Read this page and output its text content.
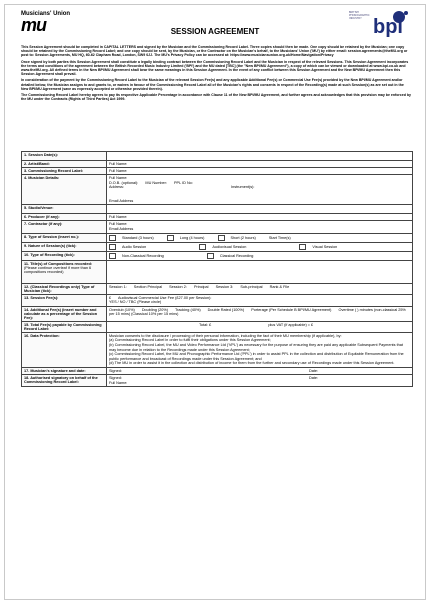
Musicians' Union
mu	SESSION AGREEMENT
BRITISH PHONOGRAPHIC INDUSTRY bpi

This Session Agreement should be completed in CAPITAL LETTERS and signed by the Musician and the Commissioning Record Label. Three copies should then be made. One copy should be retained by the Musician; one copy should be retained by the Commissioning Record Label; and one copy should be sent, by the Musician, or the Contractor on the Musician's behalf, to the Musicians' Union ('MU') by either email: session.agreements@theMU.org or post to: Session Agreements, MU HQ, 60-62 Clapham Road, London, SW9 0JJ. The MU's Privacy Policy can be accessed at: https://www.musiciansunion.org.uk/Home/Navigation/Privacy

Once signed by both parties this Session Agreement shall constitute a legally binding contract between the Commissioning Record Label and the Musician in respect of the relevant Sessions. This Session Agreement incorporates the terms and conditions of the agreement between the British Recorded Music Industry Limited ('BPI') and the MU dated [TBC] (the "New BPI/MU Agreement"), a copy of which can be viewed or downloaded at www.bpi.co.uk and www.theMU.org. All defined terms in the New BPI/MU Agreement shall bear the same meanings in this Session Agreement. In the event of any conflict between this Session Agreement and the New BPI/MU Agreement then this Session Agreement shall prevail.

In consideration of the payment by the Commissioning Record Label to the Musician of the relevant Session Fee(s) and any applicable Additional Fee(s) or Commercial Use Fee(s) provided by the New BPI/MU Agreement and/or detailed below, the Musician assigns to and grants to, or waives in favour of the Commissioning Record Label all of the Musician's rights and consents in respect of the Recording(s) made at such Session(s) as are set out in the New BPI/MU Agreement (save as expressly accepted or otherwise provided therein).

The Commissioning Record Label hereby agrees to pay its respective Applicable Percentage in accordance with Clause 11 of the New BPI/MU Agreement, and further agrees and acknowledges that this provision may be enforced by the MU under the Contracts (Rights of Third Parties) Act 1999.

1. Session Date(s):	
2. Artist/Band:	Full Name:
3. Commissioning Record Label:	Full Name:
4. Musician Details:	Full Name:
D.O.B. (optional): MU Number: PPL ID No:
Address: Instrument(s):
Email Address

5. Studio/Venue:	
6. Producer (if any):	Full Name:
7. Contractor (if any):	Full Name:
Email Address

8. Type of Session (insert no.):	Standard (3 hours) Long (4 hours) Short (2 hours) Start Time(s)
9. Nature of Session(s) (tick):	Audio Session Audiovisual Session Visual Session
10. Type of Recording (tick):	Non-Classical Recording Classical Recording
11. Title(s) of Compositions recorded: (Please continue overleaf if more than 6 compositions recorded)	
12. (Classical Recordings only) Type of Musician (tick):	Session 1: Section Principal Session 2: Principal Session 3: Sub-principal Rank & File
13. Session Fee(s):	£ Audiovisual Commercial Use Fee (£27.00 per Session):
YES / NO / TBC (Please circle)

14. Additional Fee(s) (insert number and calculate as a percentage of the Session Fee):	Overdub (10%) Doubling (20%) Tracking (40%) Double Rated (100%) Porterage (Per Schedule B BPI/MU Agreement) Overtime ( ) minutes (non-classical 25% per 15 mins) (Classical 10% per 15 mins)
15. Total Fee(s) payable by Commissioning Record Label:	Total: £ plus VAT (if applicable) = £
16. Data Protection:	Musician consents to the disclosure / processing of their personal information, including the fact of their MU membership (if applicable), by:
(a) Commissioning Record Label in order to fulfil their obligations under this Session Agreement;
(b) Commissioning Record Label, the MU and Video Performance Ltd ('VPL') as necessary for the purpose of ensuring they are paid any applicable Subsequent Payments that may become due in relation to the Recordings made under this Session Agreement;
(c) Commissioning Record Label, the MU and Phonographic Performance Ltd ('PPL') in order to assist PPL in the collection and distribution of Equitable Remuneration from the public performance and broadcast of Recordings made under this Session Agreement; and
(d) The MU in order to assist it in the collection and distribution of income for them from the further and secondary use of Recordings made under this Session Agreement.

17. Musician's signature and date:	Signed: Date:
18. Authorised signatory on behalf of the Commissioning Record Label:	Signed: Date:
Full Name:
